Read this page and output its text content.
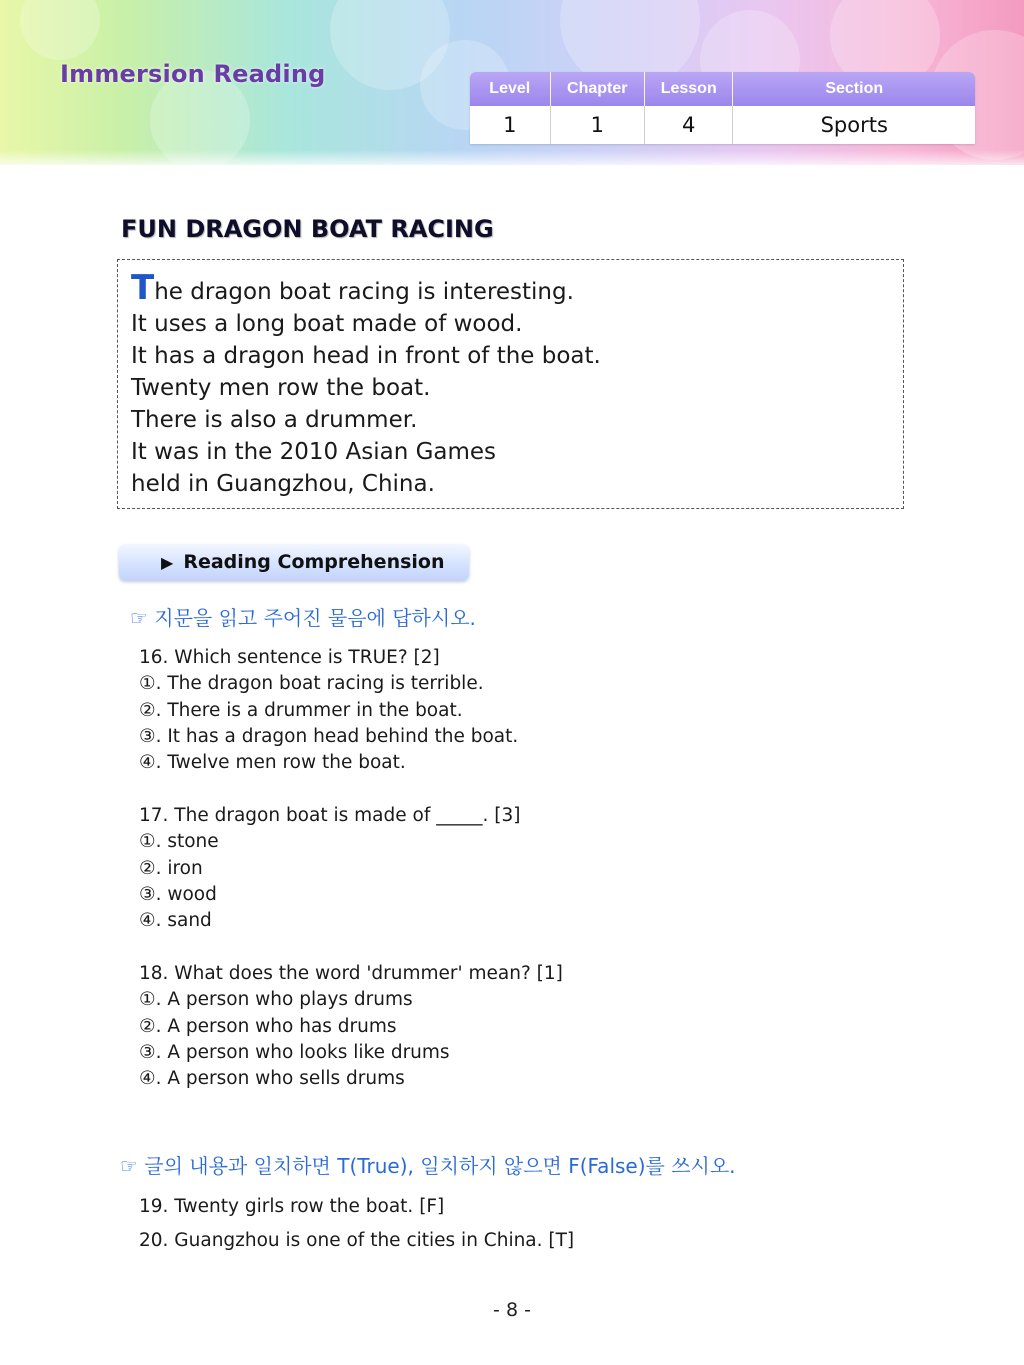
Immersion Reading
Level	Chapter	Lesson	Section
1	1	4	Sports
FUN DRAGON BOAT RACING
The dragon boat racing is interesting.
It uses a long boat made of wood.
It has a dragon head in front of the boat.
Twenty men row the boat.
There is also a drummer.
It was in the 2010 Asian Games
held in Guangzhou, China.
▶ Reading Comprehension
☞ 지문을 읽고 주어진 물음에 답하시오.
16. Which sentence is TRUE? [2]
①. The dragon boat racing is terrible.
②. There is a drummer in the boat.
③. It has a dragon head behind the boat.
④. Twelve men row the boat.
17. The dragon boat is made of _____. [3]
①. stone
②. iron
③. wood
④. sand
18. What does the word 'drummer' mean? [1]
①. A person who plays drums
②. A person who has drums
③. A person who looks like drums
④. A person who sells drums
☞ 글의 내용과 일치하면 T(True), 일치하지 않으면 F(False)를 쓰시오.
19. Twenty girls row the boat. [F]
20. Guangzhou is one of the cities in China. [T]
- 8 -
